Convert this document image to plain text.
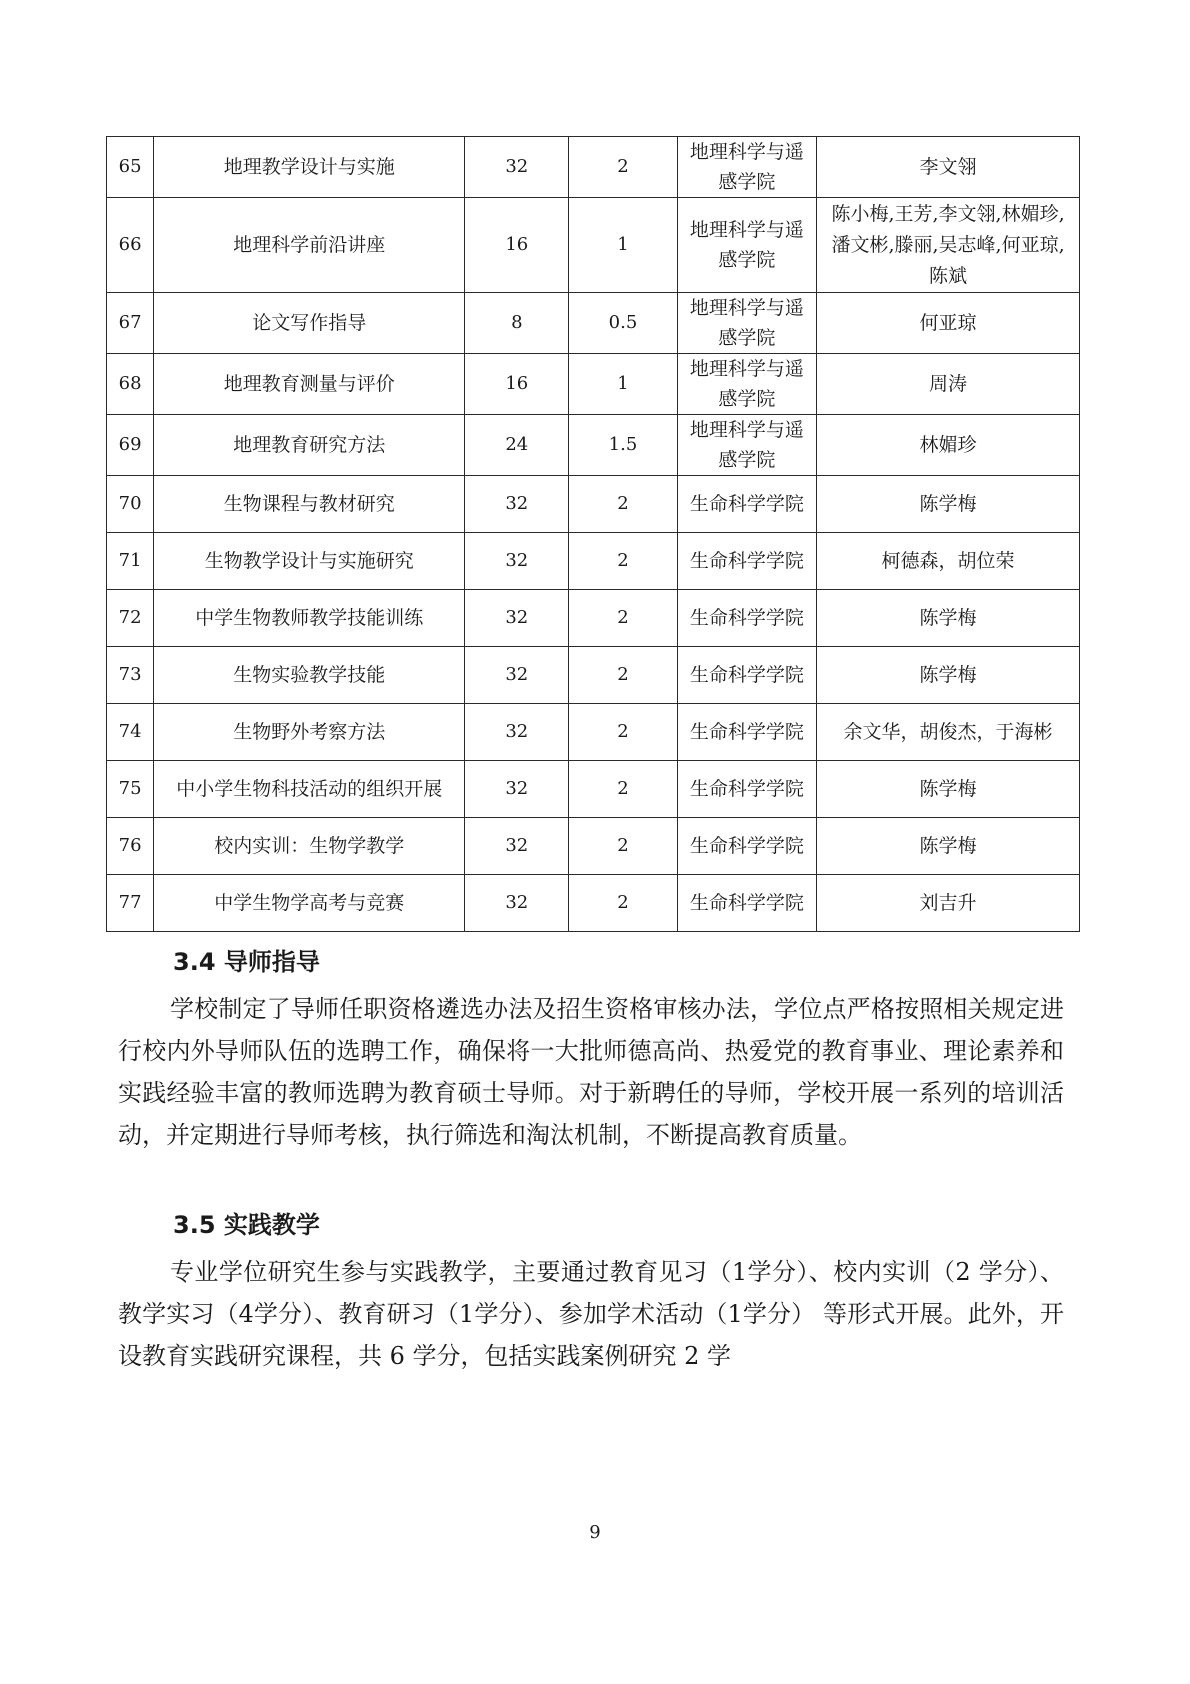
65	地理教学设计与实施	32	2	地理科学与遥感学院	李文翎
66	地理科学前沿讲座	16	1	地理科学与遥感学院	陈小梅,王芳,李文翎,林媚珍,潘文彬,滕丽,吴志峰,何亚琼,陈斌
67	论文写作指导	8	0.5	地理科学与遥感学院	何亚琼
68	地理教育测量与评价	16	1	地理科学与遥感学院	周涛
69	地理教育研究方法	24	1.5	地理科学与遥感学院	林媚珍
70	生物课程与教材研究	32	2	生命科学学院	陈学梅
71	生物教学设计与实施研究	32	2	生命科学学院	柯德森，胡位荣
72	中学生物教师教学技能训练	32	2	生命科学学院	陈学梅
73	生物实验教学技能	32	2	生命科学学院	陈学梅
74	生物野外考察方法	32	2	生命科学学院	余文华，胡俊杰，于海彬
75	中小学生物科技活动的组织开展	32	2	生命科学学院	陈学梅
76	校内实训：生物学教学	32	2	生命科学学院	陈学梅
77	中学生物学高考与竞赛	32	2	生命科学学院	刘吉升
3.4 导师指导

学校制定了导师任职资格遴选办法及招生资格审核办法，学位点严格按照相关规定进行校内外导师队伍的选聘工作，确保将一大批师德高尚、热爱党的教育事业、理论素养和实践经验丰富的教师选聘为教育硕士导师。对于新聘任的导师，学校开展一系列的培训活动，并定期进行导师考核，执行筛选和淘汰机制，不断提高教育质量。

3.5 实践教学

专业学位研究生参与实践教学，主要通过教育见习（1学分）、校内实训（2 学分）、教学实习（4学分）、教育研习（1学分）、参加学术活动（1学分） 等形式开展。此外，开设教育实践研究课程，共 6 学分，包括实践案例研究 2 学

9
